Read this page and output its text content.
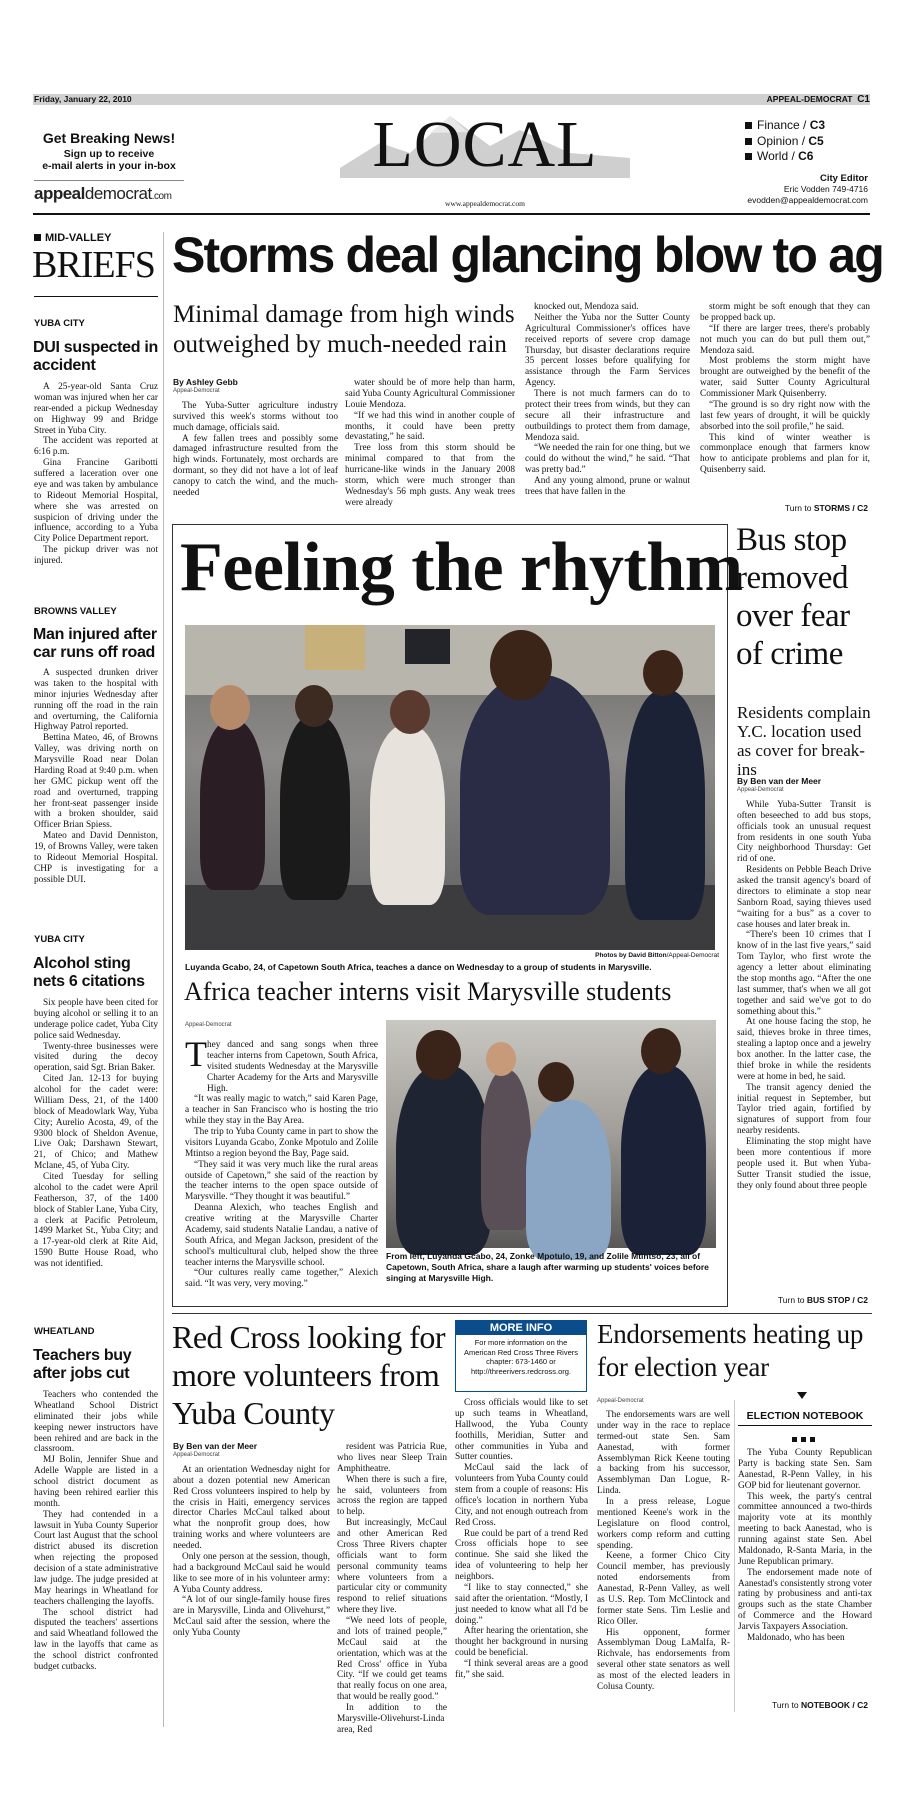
Friday, January 22, 2010	APPEAL-DEMOCRAT C1
Get Breaking News!
Sign up to receive
e-mail alerts in your in-box
appealdemocrat.com
LOCAL
www.appealdemocrat.com
Finance / C3
Opinion / C5
World / C6
City Editor
Eric Vodden 749-4716
evodden@appealdemocrat.com
MID-VALLEY
BRIEFS
YUBA CITY
DUI suspected in accident

A 25-year-old Santa Cruz woman was injured when her car rear-ended a pickup Wednesday on Highway 99 and Bridge Street in Yuba City.

The accident was reported at 6:16 p.m.

Gina Francine Garibotti suffered a laceration over one eye and was taken by ambulance to Rideout Memorial Hospital, where she was arrested on suspicion of driving under the influence, according to a Yuba City Police Department report.

The pickup driver was not injured.

BROWNS VALLEY
Man injured after car runs off road

A suspected drunken driver was taken to the hospital with minor injuries Wednesday after running off the road in the rain and overturning, the California Highway Patrol reported.

Bettina Mateo, 46, of Browns Valley, was driving north on Marysville Road near Dolan Harding Road at 9:40 p.m. when her GMC pickup went off the road and overturned, trapping her front-seat passenger inside with a broken shoulder, said Officer Brian Spiess.

Mateo and David Denniston, 19, of Browns Valley, were taken to Rideout Memorial Hospital. CHP is investigating for a possible DUI.

YUBA CITY
Alcohol sting nets 6 citations

Six people have been cited for buying alcohol or selling it to an underage police cadet, Yuba City police said Wednesday.

Twenty-three businesses were visited during the decoy operation, said Sgt. Brian Baker.

Cited Jan. 12-13 for buying alcohol for the cadet were: William Dess, 21, of the 1400 block of Meadowlark Way, Yuba City; Aurelio Acosta, 49, of the 9300 block of Sheldon Avenue, Live Oak; Darshawn Stewart, 21, of Chico; and Mathew Mclane, 45, of Yuba City.

Cited Tuesday for selling alcohol to the cadet were April Featherson, 37, of the 1400 block of Stabler Lane, Yuba City, a clerk at Pacific Petroleum, 1499 Market St., Yuba City; and a 17-year-old clerk at Rite Aid, 1590 Butte House Road, who was not identified.

WHEATLAND
Teachers buy after jobs cut

Teachers who contended the Wheatland School District eliminated their jobs while keeping newer instructors have been rehired and are back in the classroom.

MJ Bolin, Jennifer Shue and Adelle Wapple are listed in a school district document as having been rehired earlier this month.

They had contended in a lawsuit in Yuba County Superior Court last August that the school district abused its discretion when rejecting the proposed decision of a state administrative law judge. The judge presided at May hearings in Wheatland for teachers challenging the layoffs.

The school district had disputed the teachers' assertions and said Wheatland followed the law in the layoffs that came as the school district confronted budget cutbacks.

Storms deal glancing blow to ag
Minimal damage from high winds outweighed by much-needed rain

By Ashley Gebb

Appeal-Democrat

The Yuba-Sutter agriculture industry survived this week's storms without too much damage, officials said.

A few fallen trees and possibly some damaged infrastructure resulted from the high winds. Fortunately, most orchards are dormant, so they did not have a lot of leaf canopy to catch the wind, and the much-needed

water should be of more help than harm, said Yuba County Agricultural Commissioner Louie Mendoza.

“If we had this wind in another couple of months, it could have been pretty devastating,” he said.

Tree loss from this storm should be minimal compared to that from the hurricane-like winds in the January 2008 storm, which were much stronger than Wednesday's 56 mph gusts. Any weak trees were already

knocked out, Mendoza said.

Neither the Yuba nor the Sutter County Agricultural Commissioner's offices have received reports of severe crop damage Thursday, but disaster declarations require 35 percent losses before qualifying for assistance through the Farm Services Agency.

There is not much farmers can do to protect their trees from winds, but they can secure all their infrastructure and outbuildings to protect them from damage, Mendoza said.

“We needed the rain for one thing, but we could do without the wind,” he said. “That was pretty bad.”

And any young almond, prune or walnut trees that have fallen in the

storm might be soft enough that they can be propped back up.

“If there are larger trees, there's probably not much you can do but pull them out,” Mendoza said.

Most problems the storm might have brought are outweighed by the benefit of the water, said Sutter County Agricultural Commissioner Mark Quisenberry.

“The ground is so dry right now with the last few years of drought, it will be quickly absorbed into the soil profile,” he said.

This kind of winter weather is commonplace enough that farmers know how to anticipate problems and plan for it, Quisenberry said.

Turn to STORMS / C2
Feeling the rhythm
Photos by David Bitton/Appeal-Democrat
Luyanda Gcabo, 24, of Capetown South Africa, teaches a dance on Wednesday to a group of students in Marysville.
Africa teacher interns visit Marysville students
Appeal-Democrat
T hey danced and sang songs when three teacher interns from Capetown, South Africa, visited students Wednesday at the Marysville Charter Academy for the Arts and Marysville High.

“It was really magic to watch,” said Karen Page, a teacher in San Francisco who is hosting the trio while they stay in the Bay Area.

The trip to Yuba County came in part to show the visitors Luyanda Gcabo, Zonke Mpotulo and Zolile Mtintso a region beyond the Bay, Page said.

“They said it was very much like the rural areas outside of Capetown,” she said of the reaction by the teacher interns to the open space outside of Marysville. “They thought it was beautiful.”

Deanna Alexich, who teaches English and creative writing at the Marysville Charter Academy, said students Natalie Landau, a native of South Africa, and Megan Jackson, president of the school's multicultural club, helped show the three teacher interns the Marysville school.

“Our cultures really came together,” Alexich said. “It was very, very moving.”

From left, Luyanda Gcabo, 24, Zonke Mpotulo, 19, and Zolile Mtintso, 23, all of Capetown, South Africa, share a laugh after warming up students' voices before singing at Marysville High.
Bus stop removed over fear of crime
Residents complain Y.C. location used as cover for break-ins

By Ben van der Meer

Appeal-Democrat

While Yuba-Sutter Transit is often beseeched to add bus stops, officials took an unusual request from residents in one south Yuba City neighborhood Thursday: Get rid of one.

Residents on Pebble Beach Drive asked the transit agency's board of directors to eliminate a stop near Sanborn Road, saying thieves used “waiting for a bus” as a cover to case houses and later break in.

“There's been 10 crimes that I know of in the last five years,” said Tom Taylor, who first wrote the agency a letter about eliminating the stop months ago. “After the one last summer, that's when we all got together and said we've got to do something about this.”

At one house facing the stop, he said, thieves broke in three times, stealing a laptop once and a jewelry box another. In the latter case, the thief broke in while the residents were at home in bed, he said.

The transit agency denied the initial request in September, but Taylor tried again, fortified by signatures of support from four nearby residents.

Eliminating the stop might have been more contentious if more people used it. But when Yuba-Sutter Transit studied the issue, they only found about three people

Turn to BUS STOP / C2
Red Cross looking for more volunteers from Yuba County

By Ben van der Meer

Appeal-Democrat

At an orientation Wednesday night for about a dozen potential new American Red Cross volunteers inspired to help by the crisis in Haiti, emergency services director Charles McCaul talked about what the nonprofit group does, how training works and where volunteers are needed.

Only one person at the session, though, had a background McCaul said he would like to see more of in his volunteer army: A Yuba County address.

“A lot of our single-family house fires are in Marysville, Linda and Olivehurst,” McCaul said after the session, where the only Yuba County

resident was Patricia Rue, who lives near Sleep Train Amphitheatre.

When there is such a fire, he said, volunteers from across the region are tapped to help.

But increasingly, McCaul and other American Red Cross Three Rivers chapter officials want to form personal community teams where volunteers from a particular city or community respond to relief situations where they live.

“We need lots of people, and lots of trained people,” McCaul said at the orientation, which was at the Red Cross' office in Yuba City. “If we could get teams that really focus on one area, that would be really good.”

In addition to the Marysville-Olivehurst-Linda area, Red

MORE INFO
For more information on the American Red Cross Three Rivers chapter: 673-1460 or http://threerivers.redcross.org.

Cross officials would like to set up such teams in Wheatland, Hallwood, the Yuba County foothills, Meridian, Sutter and other communities in Yuba and Sutter counties.

McCaul said the lack of volunteers from Yuba County could stem from a couple of reasons: His office's location in northern Yuba City, and not enough outreach from Red Cross.

Rue could be part of a trend Red Cross officials hope to see continue. She said she liked the idea of volunteering to help her neighbors.

“I like to stay connected,” she said after the orientation. “Mostly, I just needed to know what all I'd be doing.”

After hearing the orientation, she thought her background in nursing could be beneficial.

“I think several areas are a good fit,” she said.

Endorsements heating up for election year
Appeal-Democrat

The endorsements wars are well under way in the race to replace termed-out state Sen. Sam Aanestad, with former Assemblyman Rick Keene touting a backing from his successor, Assemblyman Dan Logue, R-Linda.

In a press release, Logue mentioned Keene's work in the Legislature on flood control, workers comp reform and cutting spending.

Keene, a former Chico City Council member, has previously noted endorsements from Aanestad, R-Penn Valley, as well as U.S. Rep. Tom McClintock and former state Sens. Tim Leslie and Rico Oller.

His opponent, former Assemblyman Doug LaMalfa, R-Richvale, has endorsements from several other state senators as well as most of the elected leaders in Colusa County.

ELECTION NOTEBOOK

The Yuba County Republican Party is backing state Sen. Sam Aanestad, R-Penn Valley, in his GOP bid for lieutenant governor.

This week, the party's central committee announced a two-thirds majority vote at its monthly meeting to back Aanestad, who is running against state Sen. Abel Maldonado, R-Santa Maria, in the June Republican primary.

The endorsement made note of Aanestad's consistently strong voter rating by probusiness and anti-tax groups such as the state Chamber of Commerce and the Howard Jarvis Taxpayers Association.

Maldonado, who has been

Turn to NOTEBOOK / C2
